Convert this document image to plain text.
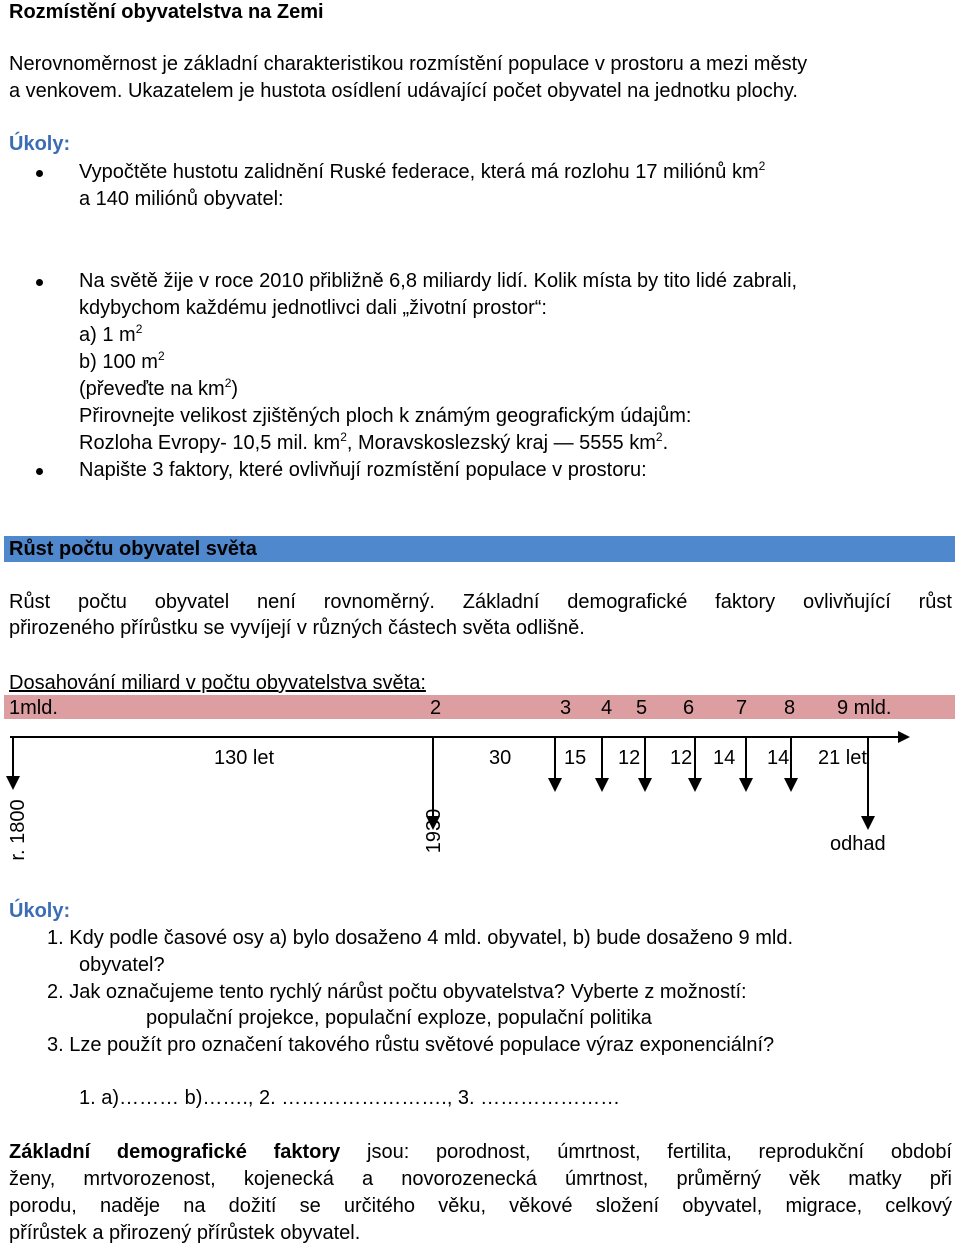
Rozmístění obyvatelstva na Zemi
Nerovnoměrnost je základní charakteristikou rozmístění populace v prostoru a mezi městy
a venkovem. Ukazatelem je hustota osídlení udávající počet obyvatel na jednotku plochy.
Úkoly:
Vypočtěte hustotu zalidnění Ruské federace, která má rozlohu 17 miliónů $km^2$
a 140 miliónů obyvatel:
Na světě žije v roce 2010 přibližně 6,8 miliardy lidí. Kolik místa by tito lidé zabrali,
kdybychom každému jednotlivci dali „životní prostor“:
a) 1 $m^2$
b) 100 $m^2$
(převeďte na $km^2$)
Přirovnejte velikost zjištěných ploch k známým geografickým údajům:
Rozloha Evropy- 10,5 mil. $km^2$, Moravskoslezský kraj — 5555 $km^2$.
Napište 3 faktory, které ovlivňují rozmístění populace v prostoru:
Růst počtu obyvatel světa
Růst počtu obyvatel není rovnoměrný. Základní demografické faktory ovlivňující růst
přirozeného přírůstku se vyvíjejí v různých částech světa odlišně.
Dosahování miliard v počtu obyvatelstva světa:
1mld.	2	3 4 5 6 7 8 9 mld.
130 let	30	15 12 12 14 14 21 let
r. 1800	1930	odhad
Úkoly:
1. Kdy podle časové osy a) bylo dosaženo 4 mld. obyvatel, b) bude dosaženo 9 mld.
obyvatel?
2. Jak označujeme tento rychlý nárůst počtu obyvatelstva? Vyberte z možností:
populační projekce, populační exploze, populační politika
3. Lze použít pro označení takového růstu světové populace výraz exponenciální?
1. a)……… b)……., 2. ……………………., 3. …………………
Základní demografické faktory jsou: porodnost, úmrtnost, fertilita, reprodukční období
ženy, mrtvorozenost, kojenecká a novorozenecká úmrtnost, průměrný věk matky při
porodu, naděje na dožití se určitého věku, věkové složení obyvatel, migrace, celkový
přírůstek a přirozený přírůstek obyvatel.
